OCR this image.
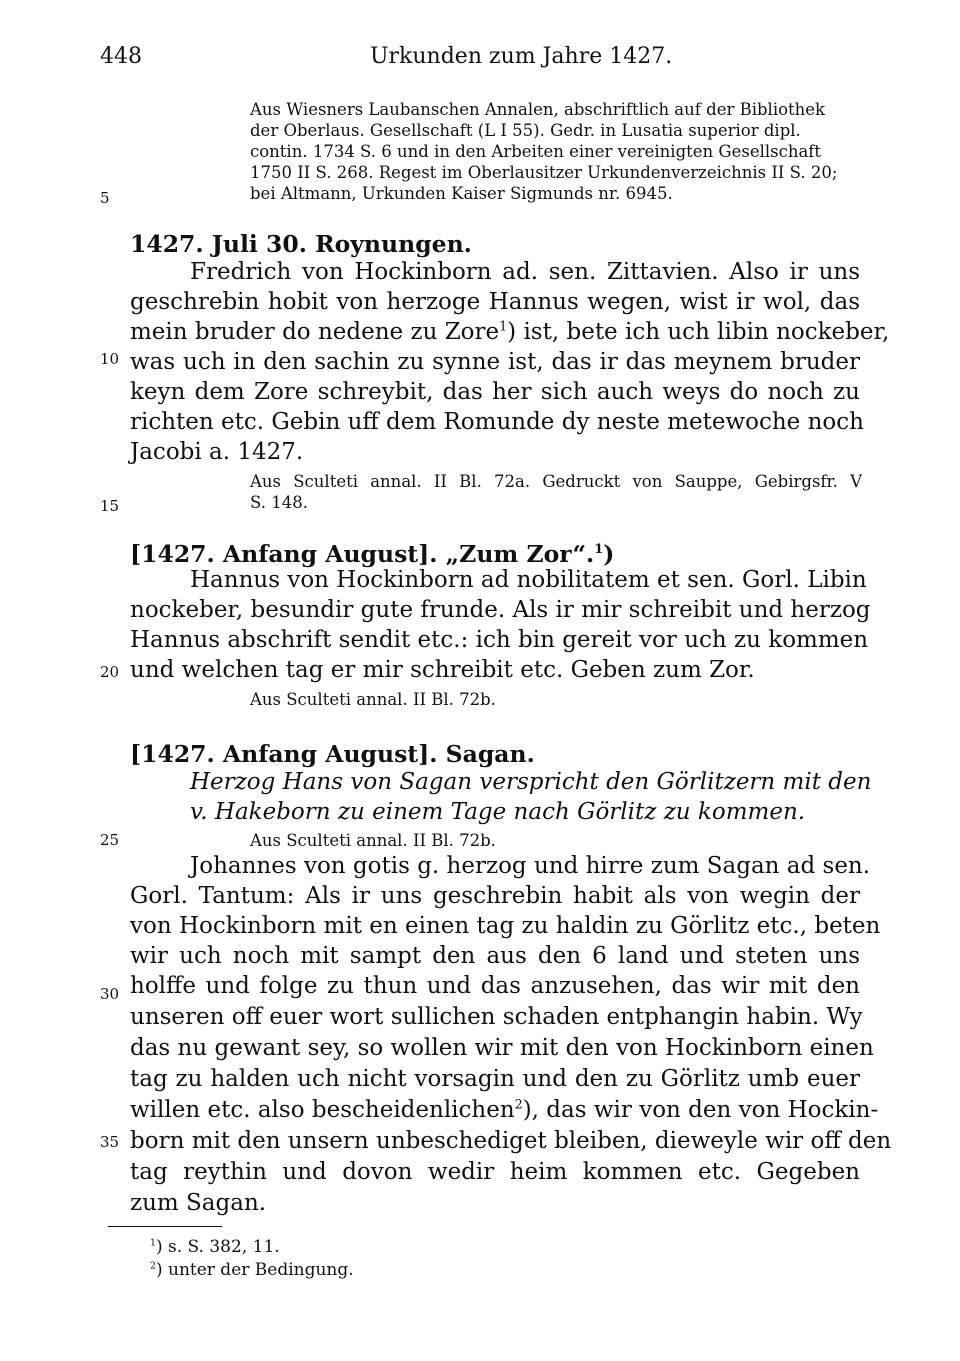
448	Urkunden zum Jahre 1427.
Aus Wiesners Laubanschen Annalen, abschriftlich auf der Bibliothek
der Oberlaus. Gesellschaft (L I 55). Gedr. in Lusatia superior dipl.
contin. 1734 S. 6 und in den Arbeiten einer vereinigten Gesellschaft
1750 II S. 268. Regest im Oberlausitzer Urkundenverzeichnis II S. 20;
bei Altmann, Urkunden Kaiser Sigmunds nr. 6945.
5
10
15
20
25
30
35
1427. Juli 30. Roynungen.
Fredrich von Hockinborn ad. sen. Zittavien. Also ir uns
geschrebin hobit von herzoge Hannus wegen, wist ir wol, das
mein bruder do nedene zu Zore$^1$) ist, bete ich uch libin nockeber,
was uch in den sachin zu synne ist, das ir das meynem bruder
keyn dem Zore schreybit, das her sich auch weys do noch zu
richten etc. Gebin uff dem Romunde dy neste metewoche noch
Jacobi a. 1427.
Aus Sculteti annal. II Bl. 72a. Gedruckt von Sauppe, Gebirgsfr. V
S. 148.
[1427. Anfang August]. „Zum Zor“.$^1$)
Hannus von Hockinborn ad nobilitatem et sen. Gorl. Libin
nockeber, besundir gute frunde. Als ir mir schreibit und herzog
Hannus abschrift sendit etc.: ich bin gereit vor uch zu kommen
und welchen tag er mir schreibit etc. Geben zum Zor.
Aus Sculteti annal. II Bl. 72b.
[1427. Anfang August]. Sagan.
Herzog Hans von Sagan verspricht den Görlitzern mit den
v. Hakeborn zu einem Tage nach Görlitz zu kommen.
Aus Sculteti annal. II Bl. 72b.
Johannes von gotis g. herzog und hirre zum Sagan ad sen.
Gorl. Tantum: Als ir uns geschrebin habit als von wegin der
von Hockinborn mit en einen tag zu haldin zu Görlitz etc., beten
wir uch noch mit sampt den aus den 6 land und steten uns
holffe und folge zu thun und das anzusehen, das wir mit den
unseren off euer wort sullichen schaden entphangin habin. Wy
das nu gewant sey, so wollen wir mit den von Hockinborn einen
tag zu halden uch nicht vorsagin und den zu Görlitz umb euer
willen etc. also bescheidenlichen$^2$), das wir von den von Hockin-
born mit den unsern unbeschediget bleiben, dieweyle wir off den
tag reythin und dovon wedir heim kommen etc. Gegeben
zum Sagan.
$^1$) s. S. 382, 11.
$^2$) unter der Bedingung.
